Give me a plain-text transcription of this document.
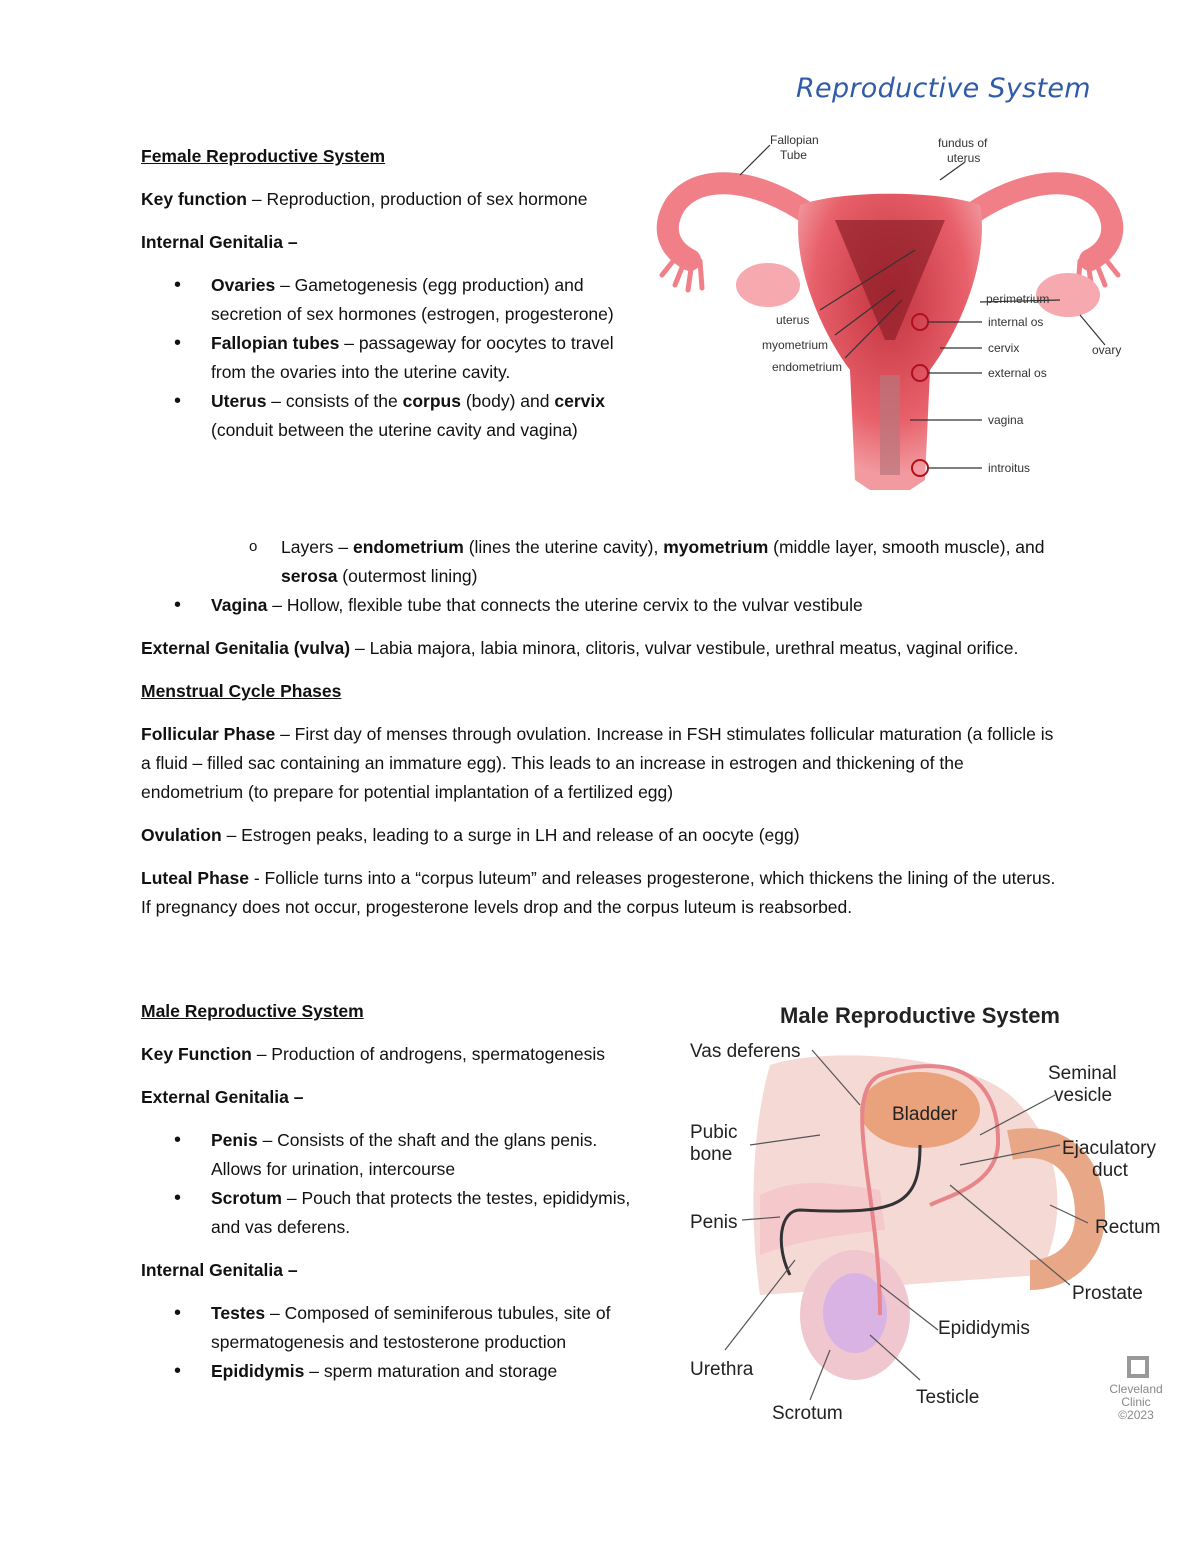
Reproductive System

Female Reproductive System

Key function – Reproduction, production of sex hormone

Internal Genitalia –

• Ovaries – Gametogenesis (egg production) and secretion of sex hormones (estrogen, progesterone)
• Fallopian tubes – passageway for oocytes to travel from the ovaries into the uterine cavity.
• Uterus – consists of the corpus (body) and cervix (conduit between the uterine cavity and vagina)
o Layers – endometrium (lines the uterine cavity), myometrium (middle layer, smooth muscle), and serosa (outermost lining)
• Vagina – Hollow, flexible tube that connects the uterine cervix to the vulvar vestibule

External Genitalia (vulva) – Labia majora, labia minora, clitoris, vulvar vestibule, urethral meatus, vaginal orifice.

Menstrual Cycle Phases

Follicular Phase – First day of menses through ovulation. Increase in FSH stimulates follicular maturation (a follicle is a fluid – filled sac containing an immature egg). This leads to an increase in estrogen and thickening of the endometrium (to prepare for potential implantation of a fertilized egg)

Ovulation – Estrogen peaks, leading to a surge in LH and release of an oocyte (egg)

Luteal Phase - Follicle turns into a “corpus luteum” and releases progesterone, which thickens the lining of the uterus. If pregnancy does not occur, progesterone levels drop and the corpus luteum is reabsorbed.

Male Reproductive System

Key Function – Production of androgens, spermatogenesis

External Genitalia –

• Penis – Consists of the shaft and the glans penis. Allows for urination, intercourse
• Scrotum – Pouch that protects the testes, epididymis, and vas deferens.

Internal Genitalia –

• Testes – Composed of seminiferous tubules, site of spermatogenesis and testosterone production
• Epididymis – sperm maturation and storage
Fallopian
Tube
fundus of
uterus
perimetrium
internal os
cervix
external os
vagina
introitus
uterus
myometrium
endometrium
ovary
Male Reproductive System
Vas deferens
Pubic
bone
Penis
Urethra
Scrotum
Testicle
Epididymis
Prostate
Rectum
Ejaculatory
duct
Seminal
vesicle
Bladder
Cleveland
Clinic
©2023
